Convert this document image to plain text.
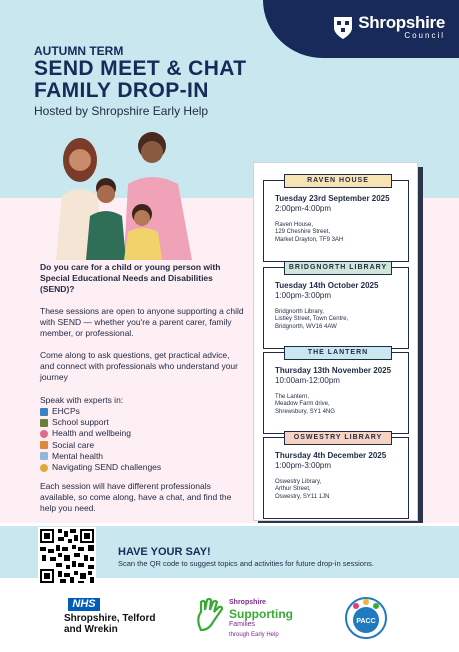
Shropshire
Council
AUTUMN TERM
SEND MEET & CHAT
FAMILY DROP-IN
Hosted by Shropshire Early Help
Do you care for a child or young person with Special Educational Needs and Disabilities (SEND)?
These sessions are open to anyone supporting a child with SEND — whether you're a parent carer, family member, or professional.
Come along to ask questions, get practical advice, and connect with professionals who understand your journey
Speak with experts in:
EHCPs
School support
Health and wellbeing
Social care
Mental health
Navigating SEND challenges
Each session will have different professionals available, so come along, have a chat, and find the help you need.
RAVEN HOUSE
Tuesday 23rd September 2025
2:00pm-4:00pm
Raven House,
129 Cheshire Street,
Market Drayton, TF9 3AH
BRIDGNORTH LIBRARY
Tuesday 14th October 2025
1:00pm-3:00pm
Bridgnorth Library,
Listley Street, Town Centre,
Bridgnorth, WV16 4AW
THE LANTERN
Thursday 13th November 2025
10:00am-12:00pm
The Lantern,
Meadow Farm drive,
Shrewsbury, SY1 4NG
OSWESTRY LIBRARY
Thursday 4th December 2025
1:00pm-3:00pm
Oswestry Library,
Arthur Street,
Oswestry, SY11 1JN
HAVE YOUR SAY!
Scan the QR code to suggest topics and activities for future drop-in sessions.
NHS
Shropshire, Telford
and Wrekin
Shropshire
Supporting
Families
through Early Help
PACC
